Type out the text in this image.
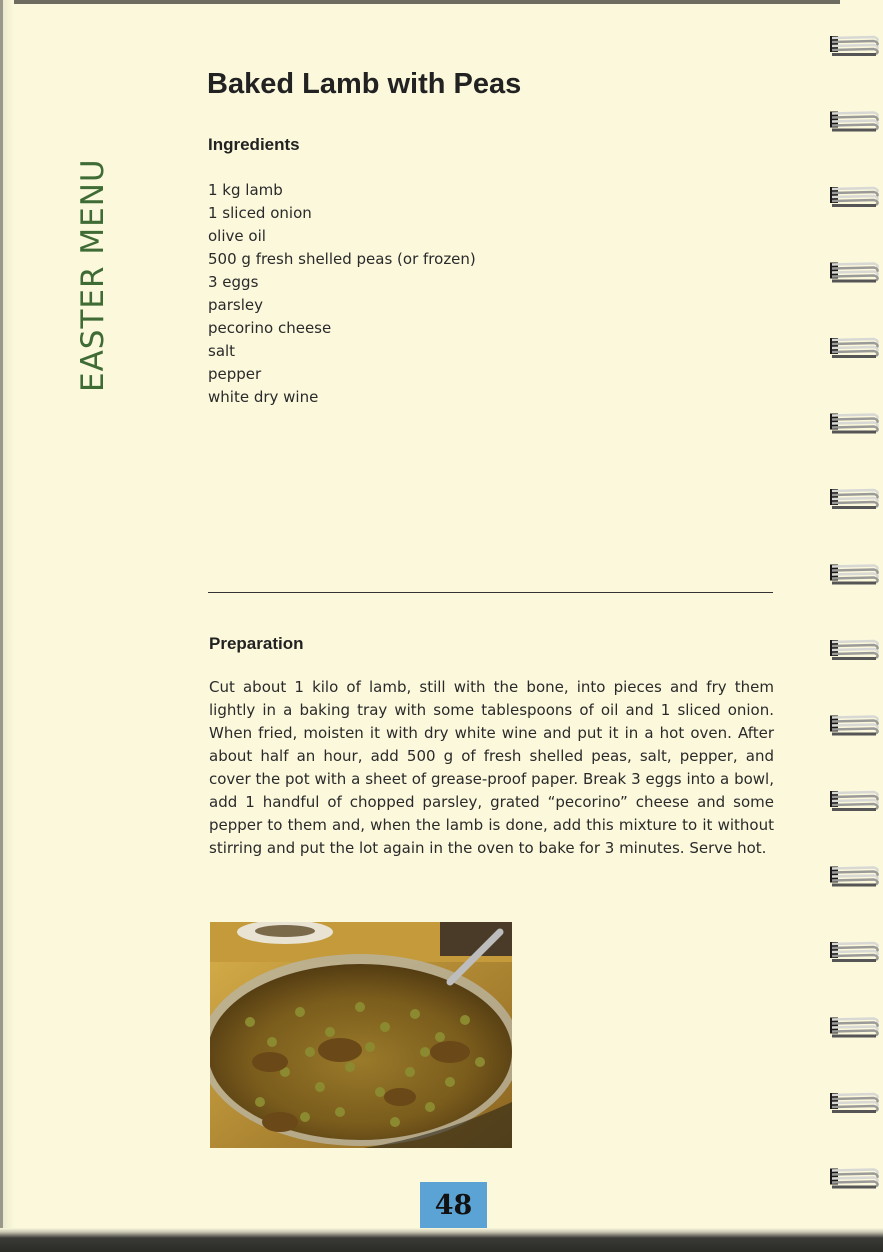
EASTER MENU
Baked Lamb with Peas
Ingredients
1 kg lamb
1 sliced onion
olive oil
500 g fresh shelled peas (or frozen)
3 eggs
parsley
pecorino cheese
salt
pepper
white dry wine
Preparation

Cut about 1 kilo of lamb, still with the bone, into pieces and fry them lightly in a baking tray with some tablespoons of oil and 1 sliced onion. When fried, moisten it with dry white wine and put it in a hot oven. After about half an hour, add 500 g of fresh shelled peas, salt, pepper, and cover the pot with a sheet of grease-proof paper. Break 3 eggs into a bowl, add 1 handful of chopped parsley, grated “pecorino” cheese and some pepper to them and, when the lamb is done, add this mixture to it without stirring and put the lot again in the oven to bake for 3 minutes. Serve hot.

48
